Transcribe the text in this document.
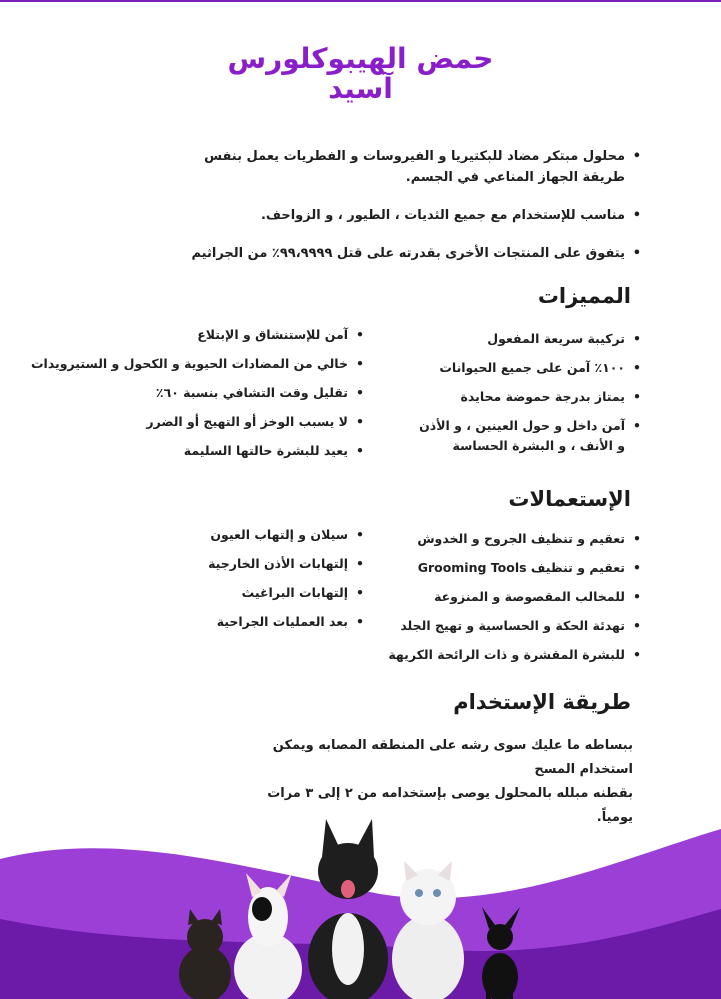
حمض الهيبوكلورس
آسيد
• محلول مبتكر مضاد للبكتيريا و الفيروسات و الفطريات يعمل بنفس طريقة الجهاز المناعي في الجسم.
• مناسب للإستخدام مع جميع الثديات ، الطيور ، و الزواحف.
• يتفوق على المنتجات الأخرى بقدرته على قتل ٩٩،٩٩٩٩٪ من الجراثيم
المميزات
• تركيبة سريعة المفعول
• ١٠٠٪ آمن على جميع الحيوانات
• يمتاز بدرجة حموضة محايدة
• آمن داخل و حول العينين ، و الأذن
و الأنف ، و البشرة الحساسة
• آمن للإستنشاق و الإبتلاع
• خالي من المضادات الحيوية و الكحول و الستيرويدات
• تقليل وقت التشافي بنسبة ٦٠٪
• لا يسبب الوخز أو التهيج أو الضرر
• يعيد للبشرة حالتها السليمة
الإستعمالات
• تعقيم و تنظيف الجروح و الخدوش
• تعقيم و تنظيف Grooming Tools
• للمخالب المقصوصة و المنزوعة
• تهدئة الحكة و الحساسية و تهيج الجلد
• للبشرة المقشرة و ذات الرائحة الكريهة
• سيلان و إلتهاب العيون
• إلتهابات الأذن الخارجية
• إلتهابات البراغيث
• بعد العمليات الجراحية
طريقة الإستخدام
ببساطه ما عليك سوى رشه على المنطقه المصابه ويمكن استخدام المسح
بقطنه مبلله بالمحلول يوصى بإستخدامه من ٢ إلى ٣ مرات يومياً.
